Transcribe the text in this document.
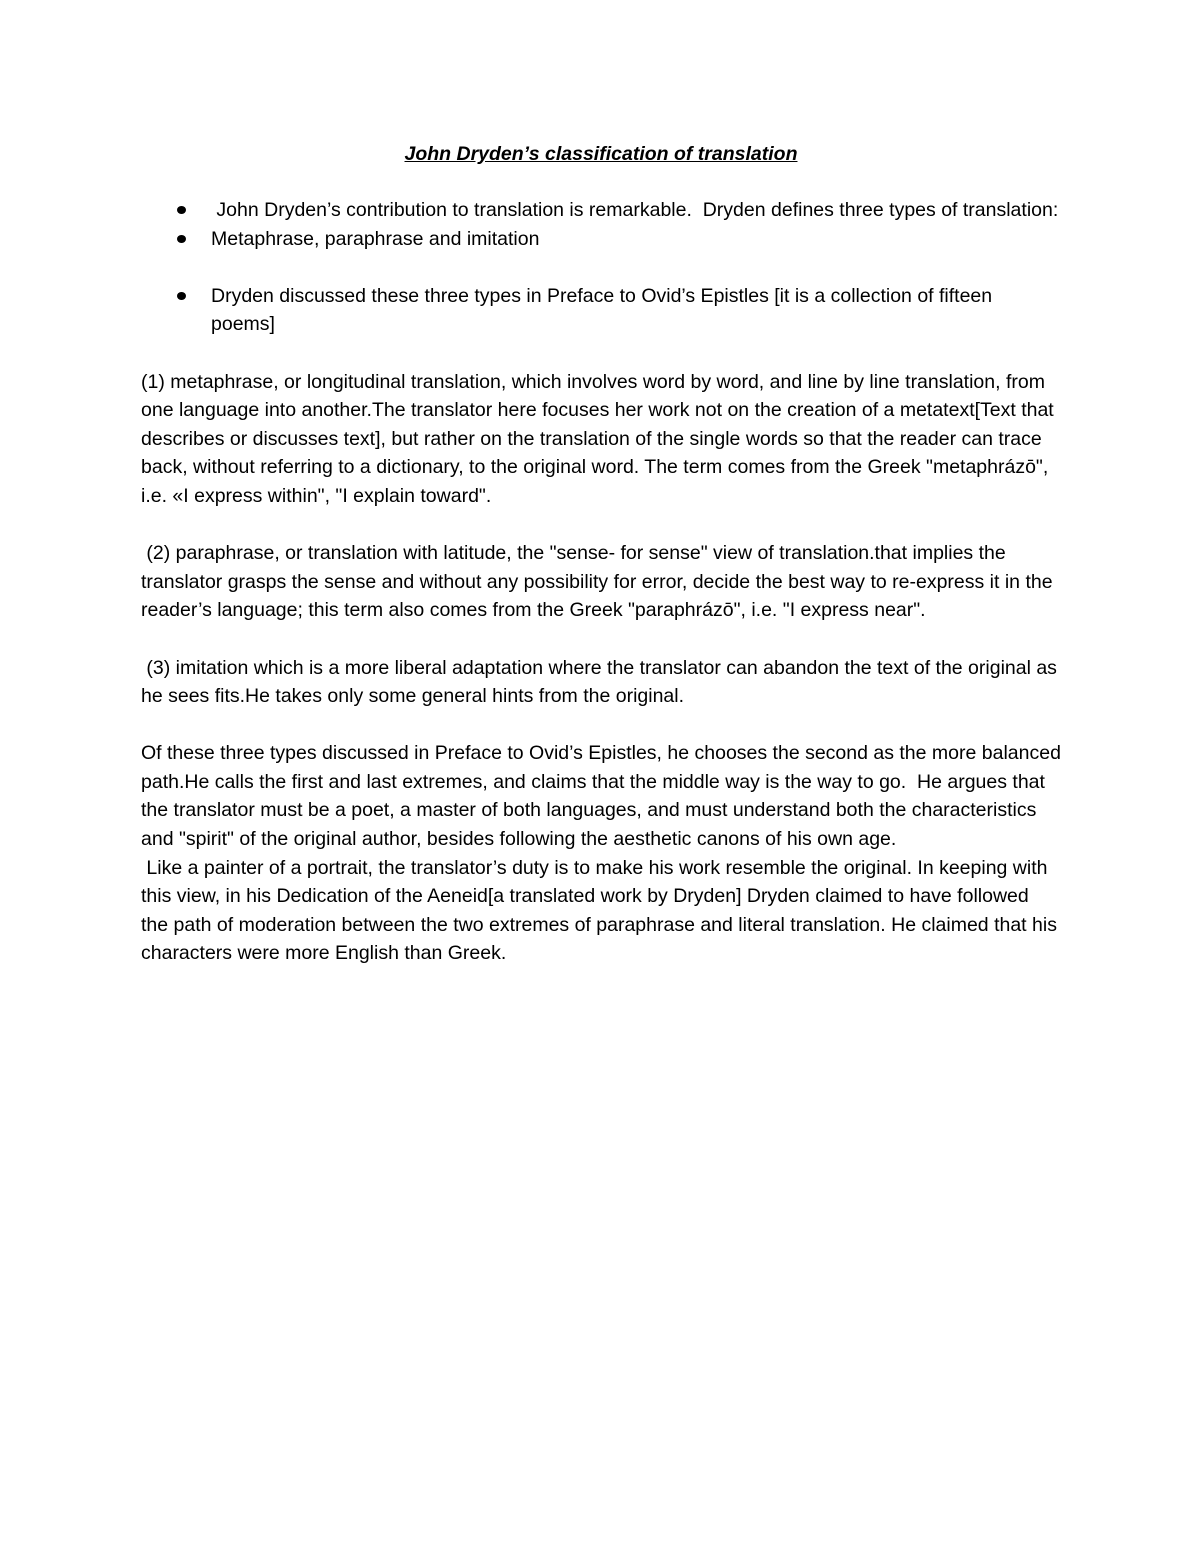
John Dryden’s classification of translation
John Dryden’s contribution to translation is remarkable.  Dryden defines three types of translation:
Metaphrase, paraphrase and imitation
Dryden discussed these three types in Preface to Ovid’s Epistles [it is a collection of fifteen poems]

(1) metaphrase, or longitudinal translation, which involves word by word, and line by line translation, from one language into another.The translator here focuses her work not on the creation of a metatext[Text that describes or discusses text], but rather on the translation of the single words so that the reader can trace back, without referring to a dictionary, to the original word. The term comes from the Greek "metaphrázō", i.e. «I express within", "I explain toward".

(2) paraphrase, or translation with latitude, the "sense- for sense" view of translation.that implies the translator grasps the sense and without any possibility for error, decide the best way to re-express it in the reader’s language; this term also comes from the Greek "paraphrázō", i.e. "I express near".

(3) imitation which is a more liberal adaptation where the translator can abandon the text of the original as he sees fits.He takes only some general hints from the original.

Of these three types discussed in Preface to Ovid’s Epistles, he chooses the second as the more balanced path.He calls the first and last extremes, and claims that the middle way is the way to go.  He argues that the translator must be a poet, a master of both languages, and must understand both the characteristics and "spirit" of the original author, besides following the aesthetic canons of his own age.

Like a painter of a portrait, the translator’s duty is to make his work resemble the original. In keeping with this view, in his Dedication of the Aeneid[a translated work by Dryden] Dryden claimed to have followed the path of moderation between the two extremes of paraphrase and literal translation. He claimed that his characters were more English than Greek.
